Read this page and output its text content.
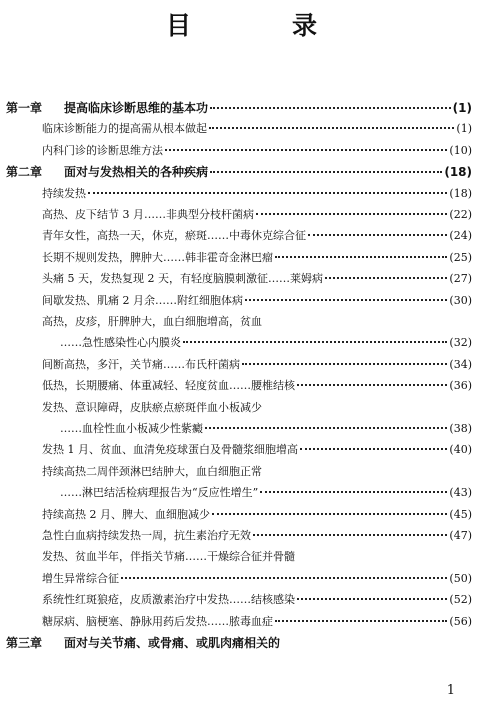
目　录
第一章	提高临床诊断思维的基本功	(1)
临床诊断能力的提高需从根本做起	(1)
内科门诊的诊断思维方法	(10)
第二章	面对与发热相关的各种疾病	(18)
持续发热	(18)
高热、皮下结节 3 月……非典型分枝杆菌病	(22)
青年女性，高热一天，休克，瘀斑……中毒休克综合征	(24)
长期不规则发热，脾肿大……韩非霍奇金淋巴瘤	(25)
头痛 5 天，发热复现 2 天，有轻度脑膜刺激征……莱姆病	(27)
间歇发热、肌痛 2 月余……附红细胞体病	(30)
高热，皮疹，肝脾肿大，血白细胞增高，贫血
……急性感染性心内膜炎	(32)
间断高热，多汗，关节痛……布氏杆菌病	(34)
低热，长期腰痛、体重减轻、轻度贫血……腰椎结核	(36)
发热、意识障碍，皮肤瘀点瘀斑伴血小板减少
……血栓性血小板减少性紫癜	(38)
发热 1 月、贫血、血清免疫球蛋白及骨髓浆细胞增高	(40)
持续高热二周伴颈淋巴结肿大，血白细胞正常
……淋巴结活检病理报告为“反应性增生”	(43)
持续高热 2 月、脾大、血细胞减少	(45)
急性白血病持续发热一周，抗生素治疗无效	(47)
发热、贫血半年，伴指关节痛……干燥综合征并骨髓
增生异常综合征	(50)
系统性红斑狼疮，皮质激素治疗中发热……结核感染	(52)
糖尿病、脑梗塞、静脉用药后发热……脓毒血症	(56)
第三章	面对与关节痛、或骨痛、或肌肉痛相关的
1
